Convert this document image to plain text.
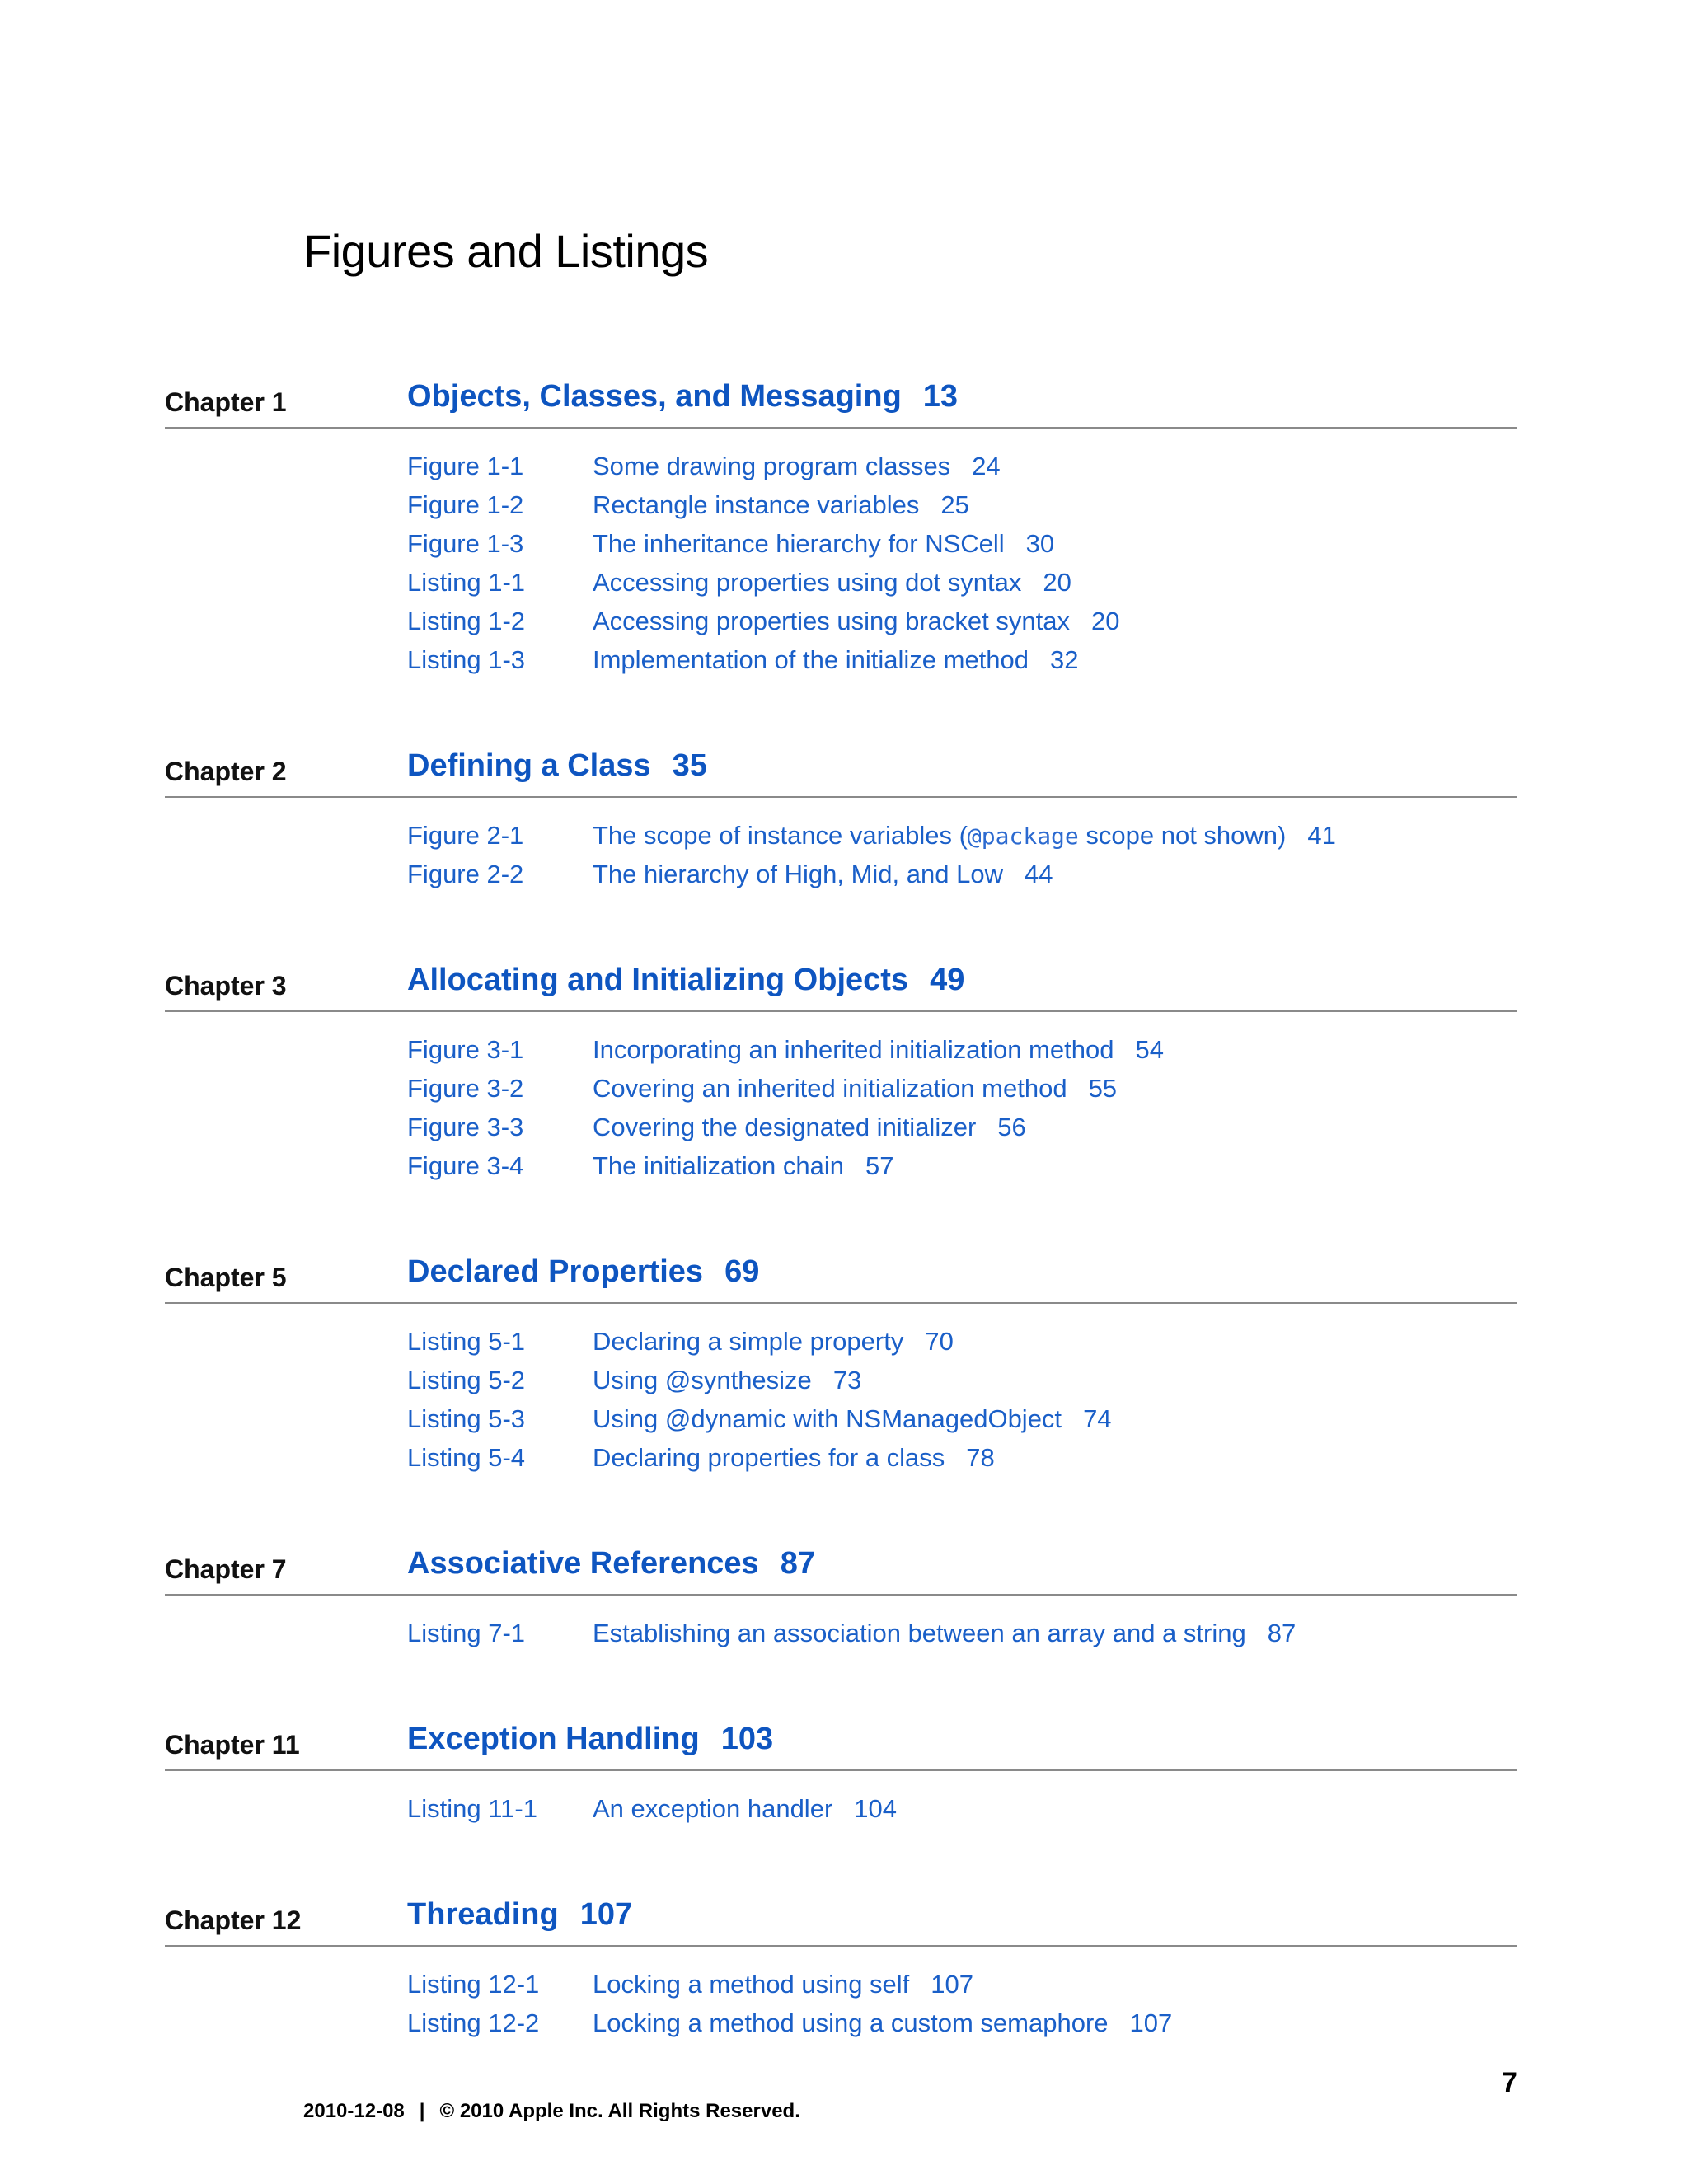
Figures and Listings
Chapter 1	Objects, Classes, and Messaging 13
Figure 1-1	Some drawing program classes 24
Figure 1-2	Rectangle instance variables 25
Figure 1-3	The inheritance hierarchy for NSCell 30
Listing 1-1	Accessing properties using dot syntax 20
Listing 1-2	Accessing properties using bracket syntax 20
Listing 1-3	Implementation of the initialize method 32
Chapter 2	Defining a Class 35
Figure 2-1	The scope of instance variables (@package scope not shown) 41
Figure 2-2	The hierarchy of High, Mid, and Low 44
Chapter 3	Allocating and Initializing Objects 49
Figure 3-1	Incorporating an inherited initialization method 54
Figure 3-2	Covering an inherited initialization method 55
Figure 3-3	Covering the designated initializer 56
Figure 3-4	The initialization chain 57
Chapter 5	Declared Properties 69
Listing 5-1	Declaring a simple property 70
Listing 5-2	Using @synthesize 73
Listing 5-3	Using @dynamic with NSManagedObject 74
Listing 5-4	Declaring properties for a class 78
Chapter 7	Associative References 87
Listing 7-1	Establishing an association between an array and a string 87
Chapter 11	Exception Handling 103
Listing 11-1 An exception handler 104
Chapter 12	Threading 107
Listing 12-1 Locking a method using self 107
Listing 12-2 Locking a method using a custom semaphore 107
7
2010-12-08 | © 2010 Apple Inc. All Rights Reserved.
